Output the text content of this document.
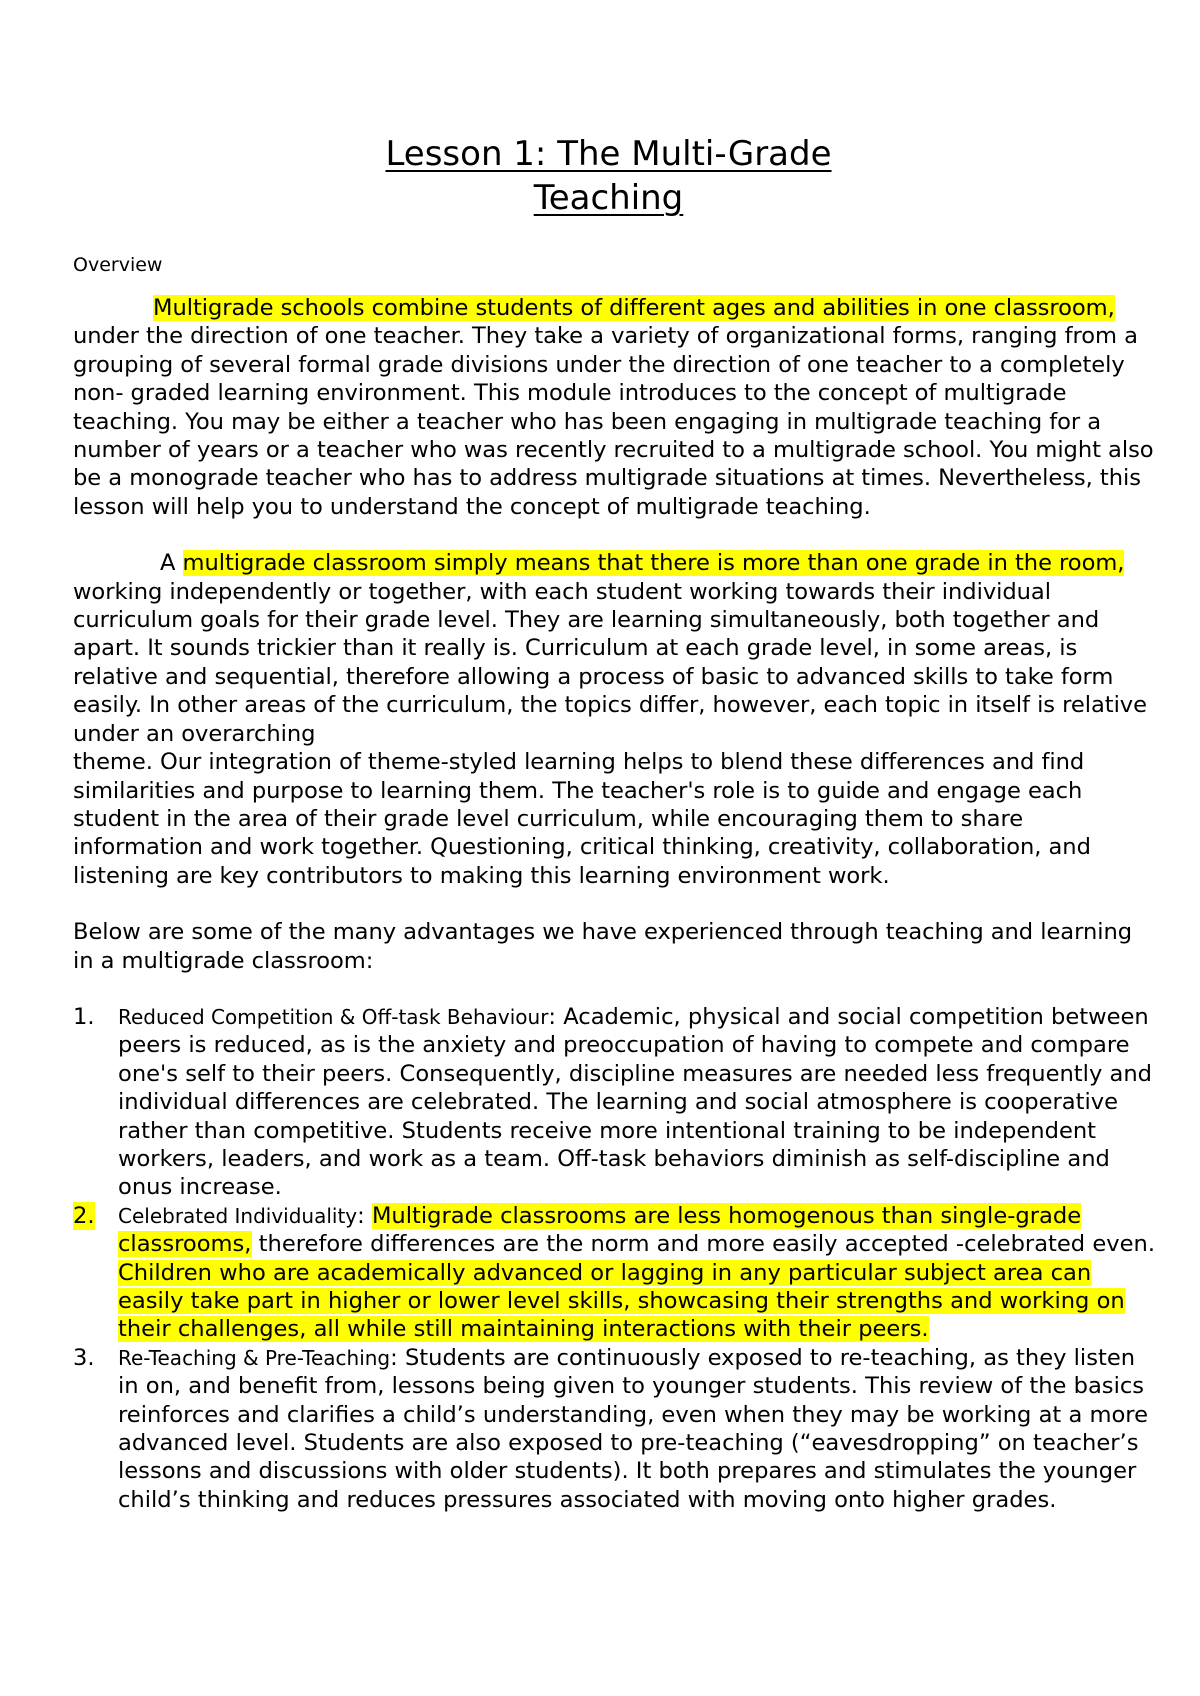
Lesson 1: The Multi-Grade
Teaching
Overview

Multigrade schools combine students of different ages and abilities in one classroom, under the direction of one teacher. They take a variety of organizational forms, ranging from a grouping of several formal grade divisions under the direction of one teacher to a completely non- graded learning environment. This module introduces to the concept of multigrade teaching. You may be either a teacher who has been engaging in multigrade teaching for a number of years or a teacher who was recently recruited to a multigrade school. You might also be a monograde teacher who has to address multigrade situations at times. Nevertheless, this lesson will help you to understand the concept of multigrade teaching.

A multigrade classroom simply means that there is more than one grade in the room, working independently or together, with each student working towards their individual curriculum goals for their grade level. They are learning simultaneously, both together and apart. It sounds trickier than it really is. Curriculum at each grade level, in some areas, is relative and sequential, therefore allowing a process of basic to advanced skills to take form easily. In other areas of the curriculum, the topics differ, however, each topic in itself is relative under an overarching
theme. Our integration of theme-styled learning helps to blend these differences and find similarities and purpose to learning them. The teacher's role is to guide and engage each student in the area of their grade level curriculum, while encouraging them to share information and work together. Questioning, critical thinking, creativity, collaboration, and listening are key contributors to making this learning environment work.

Below are some of the many advantages we have experienced through teaching and learning in a multigrade classroom:

1. Reduced Competition & Off-task Behaviour: Academic, physical and social competition between peers is reduced, as is the anxiety and preoccupation of having to compete and compare one's self to their peers. Consequently, discipline measures are needed less frequently and individual differences are celebrated. The learning and social atmosphere is cooperative rather than competitive. Students receive more intentional training to be independent workers, leaders, and work as a team. Off-task behaviors diminish as self-discipline and onus increase.
2. Celebrated Individuality: Multigrade classrooms are less homogenous than single-grade classrooms, therefore differences are the norm and more easily accepted -celebrated even. Children who are academically advanced or lagging in any particular subject area can easily take part in higher or lower level skills, showcasing their strengths and working on their challenges, all while still maintaining interactions with their peers.
3. Re-Teaching & Pre-Teaching: Students are continuously exposed to re-teaching, as they listen in on, and benefit from, lessons being given to younger students. This review of the basics reinforces and clarifies a child’s understanding, even when they may be working at a more advanced level. Students are also exposed to pre-teaching (“eavesdropping” on teacher’s lessons and discussions with older students). It both prepares and stimulates the younger child’s thinking and reduces pressures associated with moving onto higher grades.
